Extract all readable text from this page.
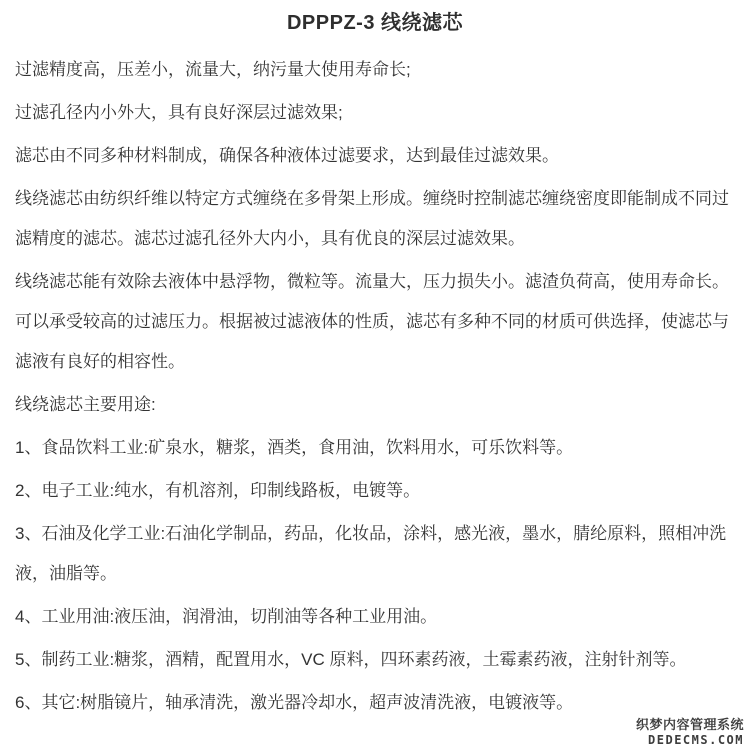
DPPPZ-3 线绕滤芯

过滤精度高，压差小，流量大，纳污量大使用寿命长;

过滤孔径内小外大，具有良好深层过滤效果;

滤芯由不同多种材料制成，确保各种液体过滤要求，达到最佳过滤效果。

线绕滤芯由纺织纤维以特定方式缠绕在多骨架上形成。缠绕时控制滤芯缠绕密度即能制成不同过滤精度的滤芯。滤芯过滤孔径外大内小，具有优良的深层过滤效果。

线绕滤芯能有效除去液体中悬浮物，微粒等。流量大，压力损失小。滤渣负荷高，使用寿命长。可以承受较高的过滤压力。根据被过滤液体的性质，滤芯有多种不同的材质可供选择，使滤芯与滤液有良好的相容性。

线绕滤芯主要用途:

1、食品饮料工业:矿泉水，糖浆，酒类，食用油，饮料用水，可乐饮料等。

2、电子工业:纯水，有机溶剂，印制线路板，电镀等。

3、石油及化学工业:石油化学制品，药品，化妆品，涂料，感光液，墨水，腈纶原料，照相冲洗液，油脂等。

4、工业用油:液压油，润滑油，切削油等各种工业用油。

5、制药工业:糖浆，酒精，配置用水，VC 原料，四环素药液，土霉素药液，注射针剂等。

6、其它:树脂镜片，轴承清洗，激光器冷却水，超声波清洗液，电镀液等。

织梦内容管理系统
DEDECMS.COM
